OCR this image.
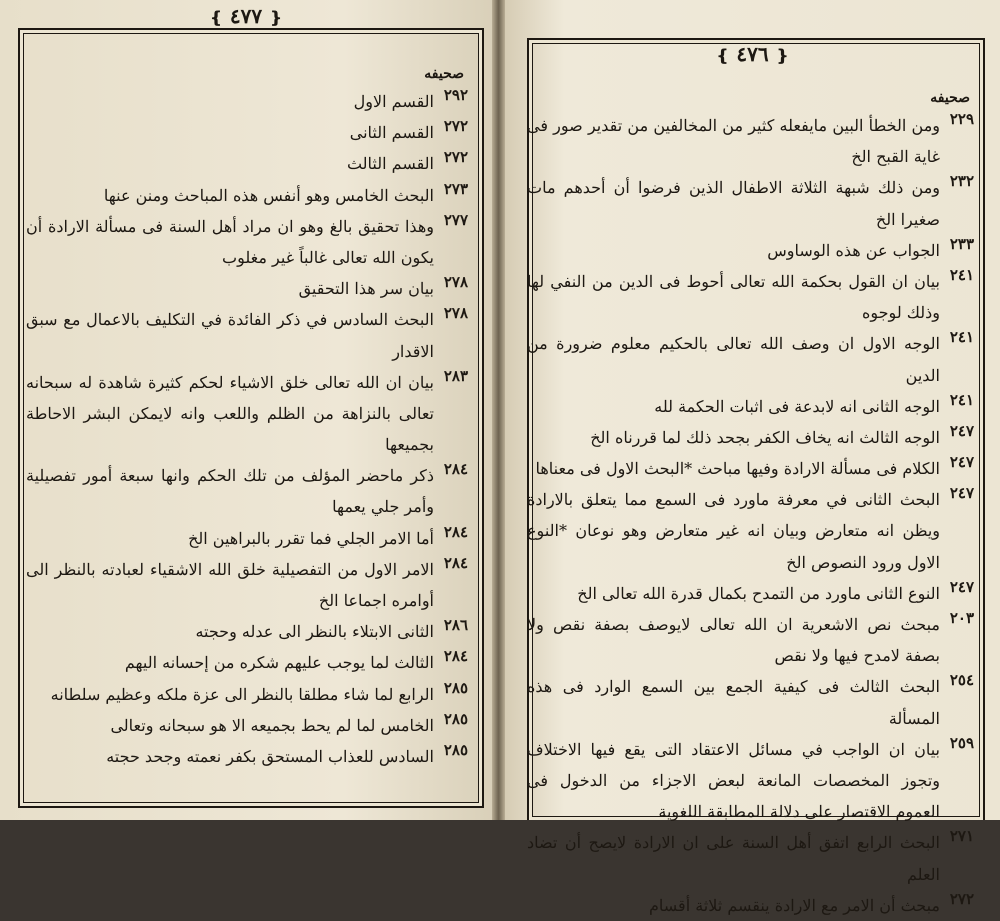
❴ ٤٧٧ ❵
صحيفه
٢٩٢
القسم الاول
٢٧٢
القسم الثانى
٢٧٢
القسم الثالث
٢٧٣
البحث الخامس وهو أنفس هذه المباحث ومنن عنها
٢٧٧
وهذا تحقيق بالغ وهو ان مراد أهل السنة فى مسألة الارادة أن يكون الله تعالى غالباً غير مغلوب
٢٧٨
بيان سر هذا التحقيق
٢٧٨
البحث السادس في ذكر الفائدة في التكليف بالاعمال مع سبق الاقدار
٢٨٣
بيان ان الله تعالى خلق الاشياء لحكم كثيرة شاهدة له سبحانه تعالى بالنزاهة من الظلم واللعب وانه لايمكن البشر الاحاطة بجميعها
٢٨٤
ذكر ماحضر المؤلف من تلك الحكم وانها سبعة أمور تفصيلية وأمر جلي يعمها
٢٨٤
أما الامر الجلي فما تقرر بالبراهين الخ
٢٨٤
الامر الاول من التفصيلية خلق الله الاشقياء لعبادته بالنظر الى أوامره اجماعا الخ
٢٨٦
الثانى الابتلاء بالنظر الى عدله وحجته
٢٨٤
الثالث لما يوجب عليهم شكره من إحسانه اليهم
٢٨٥
الرابع لما شاء مطلقا بالنظر الى عزة ملكه وعظيم سلطانه
٢٨٥
الخامس لما لم يحط بجميعه الا هو سبحانه وتعالى
٢٨٥
السادس للعذاب المستحق بكفر نعمته وجحد حجته
❴ ٤٧٦ ❵
صحيفه
٢٢٩
ومن الخطأ البين مايفعله كثير من المخالفين من تقدير صور فى غاية القبح الخ
٢٣٢
ومن ذلك شبهة الثلاثة الاطفال الذين فرضوا أن أحدهم مات صغيرا الخ
٢٣٣
الجواب عن هذه الوساوس
٢٤١
بيان ان القول بحكمة الله تعالى أحوط فى الدين من النفي لها وذلك لوجوه
٢٤١
الوجه الاول ان وصف الله تعالى بالحكيم معلوم ضرورة من الدين
٢٤١
الوجه الثانى انه لابدعة فى اثبات الحكمة لله
٢٤٧
الوجه الثالث انه يخاف الكفر بجحد ذلك لما قررناه الخ
٢٤٧
الكلام فى مسألة الارادة وفيها مباحث *البحث الاول فى معناها
٢٤٧
البحث الثانى في معرفة ماورد فى السمع مما يتعلق بالارادة ويظن انه متعارض وبيان انه غير متعارض وهو نوعان *النوع الاول ورود النصوص الخ
٢٤٧
النوع الثانى ماورد من التمدح بكمال قدرة الله تعالى الخ
٢٠٣
مبحث نص الاشعرية ان الله تعالى لايوصف بصفة نقص ولا بصفة لامدح فيها ولا نقص
٢٥٤
البحث الثالث فى كيفية الجمع بين السمع الوارد فى هذه المسألة
٢٥٩
بيان ان الواجب في مسائل الاعتقاد التى يقع فيها الاختلاف وتجوز المخصصات المانعة لبعض الاجزاء من الدخول فى العموم الاقتصار على دلالة المطابقة اللغوية
٢٧١
البحث الرابع اتفق أهل السنة على ان الارادة لايصح أن تضاد العلم
٢٧٢
مبحث أن الامر مع الارادة ينقسم ثلاثة أقسام
